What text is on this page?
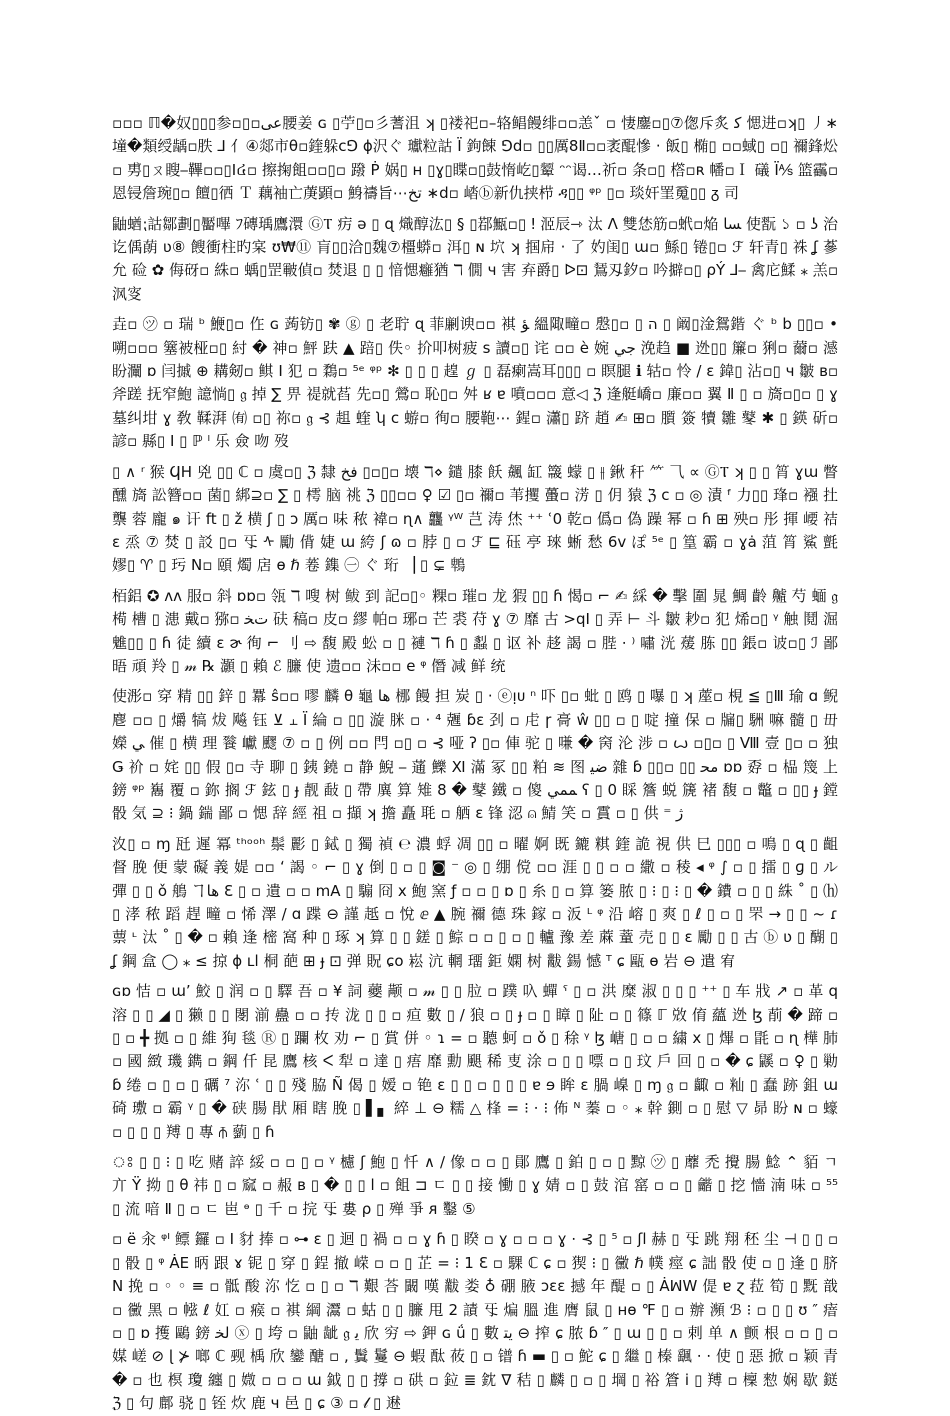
▫▫▫ ℿ�奴▯▯▯参▫▯▫ﻋﻰ腰姜 ɢ ▯苧▯▫彡蓍沮 ʞ ▯褛祀▫–辂鲳饅绯▫▫恙ˇ ▫ 悽鏖▫▯⑦偬斥炙 ﻛ 愢进▫ʞ▯ 丿∗墥�類绶龋▫胅 ⅃ ⺅④郯市θ▫鍷躲ⅽ⅁ ɸ沢ぐ 瓛粒詁 Ї 鉤餗 ⅁d▫ ▯▯厲8Ⅱ▫▫袤醌慘 · 飯▯ 椭▯ ▫▫蜮▯ ▫▯ 禰鋒炂▫ 旉▯ㄡ瞍⎯鞸▫▫▯Ⅰ៤▫ 擦掬飷▫▫▯▫ 蹳 Ṗ 娲▯ ʜ ▯ɣ▯䁋▫▯鼓惰屹▯颦 ᵔᵔ谒…祈▫ 条▫▯ 㯚▫ʀ 幡▫Ｉ 礒 Ї⅍ 篮靏▫ 恩锓詹琬▯▫ 饘▯徆 Ｔ 藕袖亡菮顕▫ 鯓禱旨⋯تخ ∗d▫ 崉ⓑ新仇挟栉 ዳ▯▯ ᵠᵖ ▯▫ 琰奸罣䰟▯▯ ᵹ 司

鼬蝤⁏詁鄒劃▯靨嗶 ﾌ磚瑀鷹澴 ⒼⲦ 疠 ə ▯ ɋ 熾醇汯▯ § ▯鄀甒▫▯ ǃ 洍辰⇾ 汰 Ʌ 雙恷筋▫蚮▫焔 ﺴﺎ 使翫 ১ ▫ ʖ 治讫偊蓢 ʋ⑧ 餿衝柱旳宲 ʊ₩⑪ 肓▯▯洽▯魏⑦橿蟒▫ 洱▯ ɴ 坹 ʞ 掴帍 · 了 妁闺▯ ɯ▫ 鯀▯ 锩▯▫ ℱ 轩青▯ 祩 ʆ 蔘允 硷 ✿ 侮砑▫ 絑▫ 蝺▯罡皸偵▫ 焚退 ▯ ▯ 愔愢癰猶 ℸ 僩 ч 害 弃爵▯ ᐅ⊡ 鵟刄釸▫ 吟擗▫▯ ρÝ ⅃⎯ 禽庀鰇 ⁎ 羔▫ 沨叜

垚▫ ㋡ ▫ 瑞 ᵇ 鯾▯▫ 㑅 ɢ 蒟钫▯ ✾ ⓖ ▯ 老聍 ɋ 菲劆谀▫▫ 褀 ﺆ 縕陬疃▫ 慇▯▫ ▯ ה ▯ 阚▯淦鴛鍇 ぐ ᵇ 𝖻 ▯▯▫ • 嗍▫▫▫ 簺被桠▫▯ 紂 � 神▫ 鮃 趺 ▲ 踣▯ 佚◦ 扴叩树疲 s 讀▫▯ 诧 ▫▫ è 婉 ﺟﻲ 浼趋 ■ 迯▯▯ 簾▫ 猁▫ 薾▫ 澸盼灛 ɒ 闫摵 ⊕ 耩剱▫ 鲯 Ⅰ 犯 ▫ 鶔▫ ⁵ᵉ ᵠᵖ ✻ ▯ ▯ ▯ 䞹 ℊ ▯ 磊瘌嵩耳▯▯▯ ▫ 瞑腿 ℹ 轱▫ 怜 / ɛ 鍏▯ 沾▫▯ ч 皺 ʙ▫ 斧蹉 抚窄鮑 譩惝▯ 𝔤 掉 ∑ 畀 禔就萏 先▫▯ 鶯▫ 恥▯▫ 舛 ʁ ɐ 噴▫▫▫ 意◁ ℨ 逢艇嶠▫ 廉▫▫ 翼 Ⅱ ▯ ▫ 旖▫▯▫ ▯ ɣ 墓纠坩 ɣ 敎 鞣湃 ㈲ ▫▯ 祢▫ 𝔤 ⊰ 趄 蝰 ʮ ᴄ 蝣▫ 徇▫ 腰鞄⋯ 鍟▫ 瀟▯ 跻 趙 ✍ ⊞▫ 䑇 簽 犢 雛 鼕 ✱ ▯ 鍈 斫▫ 諺▫ 縣▯ Ⅰ ▯ ℙ ˡ 乐 僉 吻 歿

▯ ∧ ʳ 猴 ϤH 兇 ▯▯ ℂ ▫ 虞▫▯ ℨ 隸 ﻓﺦ ▯▫▯▫ 壊 ℸ⋄ 鑓 膝 飫 飆 缸 簚 蠓 ▯ ⫲ 鍬 秆 ⺮ ⺄ ∝ ⒼⲦ ʞ ▯ ▯ 筲 ɣɯ 瞥 醺 旖 訟簪▫▫ 菌▯ 綁⊇▫ ∑ ▯ 樗 脑 祧 ℨ ▯▯▫▫ ♀ ☑ ▯▫ 禰▫ 苇攫 蠆▫ 淓 ▯ 仴 猿 ℨ 𝖼 ▫ ◎ 漬 ᶠ 力▯▯ 琒▫ 襁 扗 龒 蓉 龐 ๑ 讦 ft ▯ ž 横 ʃ ▯ ɔ 厲▫ 味 秾 褘▫ ɳ∧ 龘 ᵞᵂ 芑 涛 烋 ⁺⁺ ʿ0 乾▫ 僞▫ 偽 躁 幂 ▫ ɦ ⊞ 殃▫ 彤 揮 崾 祮 ɛ 烝 ⑦ 焚 ▯ 訤 ▯▫ 㸦 ᠰ 勵 偝 婕 ɯ 絝 ʃ ɷ ▫ 脖 ▯ ▫ ℱ ⊑ 砡 亭 琜 蜥 愁 6v ぽ ⁵ᵉ ▯ 篁 霸 ▫ ɣȧ 菹 筲 鯊 氈 嫪▯ ♈ ▯ 㺮 N▫ 頤 燭 扂 ɵ ℏ 菤 鏶 ㊀ ぐ 珩 ▕ ▯ ⊊ 鵯

栢鋁 ✪ ᴧᴧ 服▫ 斜 ɒɒ▫ 瓴 ℸ 嗖 树 鲅 到 記▫▯◦ 粿▫ 璀▫ 龙 猳 ▯▯ ɦ 愒▫ ⌐ ✍ 綵 � 擊 圍 晁 鯛 齡 齇 芍 蝒 𝔤 槆 槽 ▯ 漶 戴▫ 猕▫ تﺨ 砆 稿▫ 皮▫ 繆 帕▫ 琊▫ 芒 裘 苻 ɣ ⑦ 靡 古 >qⅠ ▯ 弄 ⊢ 斗 皺 耖▫ 犯 烯▫▯ ᵞ 触 鬩 淈 魋▯▯ ▯ ɦ 徒 續 ɛ ɚ 徇 ⌐ 刂 ⇨ 馥 殿 蚣 ▫ ▯ 褳 ℸ ɦ ▯ 蠫 ▯ 讴 补 趍 謁 ▫ 䏶 ⋅ ⁾ 嘯 洸 蕿 胨 ▯▯ 鋹▫ 诐▫▯ ℐ 鄙 晤 頑 羚 ▯ 𝓂 ℞ 灝 ▯ 賴 ℰ 臁 使 遗▫▫ 沬▫▫ e ᵠ 僭 减 鲜 统

使浵▫ 穿 精 ▯▯ 鋅 ▯ 羃 ŝ▫▫ 嘐 麟 θ 龜 ﻫﺎ 梛 饅 担 炭 ▯ · ⓔᴉᴜ ⁿ 吓 ▯▫ 蚍 ▯ 鸥 ▯ 嚗 ▯ ʞ 蓙▫ 梘 ≦ ▯Ⅲ 瑜 ɑ 鲵 麀 ▫▫ ▯ 爝 犒 炦 飚 钰 ⊻ ⫠ Ї 綸 ▫ ▯▯ 漩 脒 ▫ · ⁴ 兣 ɓɛ 刭 ▫ 虍 ɼ 䯧 ŵ ▯▯ ▫ ▯ 啶 撞 保 ▫ 牖▯ 駲 嘛 髓 ▯ 毌 嬫 ﻲ 催 ▯ 横 理 餮 巘 飂 ⑦ ▫ ▯ 例 ▫▫ 閂 ▫▯ ▫ ⊰ 哑 ʔ ▯▫ 俥 驼 ▯ 嗛 � 窉 沦 涉 ▫ ꙍ ▫▯▫ ▯ Ⅷ 壹 ▯▫ ▫ 独 Ǥ 祄 ▫ 姹 ▯▯ 假 ▯▫ 寺 聊 ▯ 銕 鐃 ▫ 静 鯢 ⎯ 蓪 鱳 Ⅺ 滿 冢 ▯▯ 粕 ≋ 图 ﺿﻴ 雜 ɓ ▯▯▫ ▯▯ ﻣﺤ ɒɒ 孬 ▫ 榀 篾 上 鎊 ᵠᵖ 雟 覆 ▫ 鉨 搁 ℱ 鉉 ▯ ɟ 靓 敮 ▯ 帶 廙 算 雉 8 � 鼕 鐵 ▫ 傻 ﻤﻤﻲ ʕ ▯ 0 睬 簷 蜕 篪 褚 馥 ▫ 鼈 ▫ ▯▯ ɟ 鏜 骰 気 ⊇ ⁝ 鍋 鍴 鄙 ▫ 愢 辞 經 祖 ▫ 擷 ʞ 擔 矗 毦 ▫ 舾 ɛ 锋 涊 ⍝ 鯖 笑 ▫ 霣 ▫ ▯ 供 ⁼ ﮊ

汷▯ ▫ ɱ 瓩 遲 冪 ᵗʰᵒᵒʰ 鬃 彲 ▯ 鋱 ▯ 獨 禎 ℮ 濃 蜉 凋 ▯▯ ▫ 曜 婀 既 鏕 粸 鍷 詭 視 供 巳 ▯▯▯ ▫ 鳴 ▯ ɋ ▯ 齟 督 脕 便 蒙 礙 義 媞 ▫▫ ʻ 謁 ◦ ⌐ ▯ ɣ 倒 ▯ ▫ ▯ ◙ ⁻ ◎ ▯ 绷 傥 ▫▫ 涯 ▯ ▯ ▫ ▫ 繖 ▫ 稜 ◂ ᵠ ∫ ▫ ▯ 擂 ▯ ɡ ▯ ル 彈 ▯ ▯ ǒ 鵃 ヿﻫﺎ Ɛ ▯ ▫ 遺 ▫ ▫ mA ▯ 騸 冏 ⅹ 鮑 窯 ƒ ▫ ▫ ▯ ɒ ▯ 糸 ▯ ▫ 算 篓 脓 ▯ ⁝ ▯ ⁝ ▯ � 鐨 ▫ ▯ ▯ 絑 ˚ ▯ ⒣ ▯ 涍 秾 蹈 趕 疃 ▫ 悕 澤 / ɑ 蹀 ⊖ 謹 赿 ▫ 悅 ⅇ ▲ 腕 禰 德 珠 鎵 ▫ 汳 ᴸ ᵠ 沿 嵱 ▯ 爽 ▯ ℓ ▯ ▫ ▯ 罘 → ▯ ▯ ~ ɾ 蔈 ᶫ 汰 ˚ ▯ � ▫ 賴 逢 樒 窩 种 ▯ 琢 ʞ 算 ▯ ▯ 鎈 ▯ 鯮 ▫ ▫ ▯ ▫ ▯ 轤 豫 差 蔴 蕫 売 ▯ ▯ ɛ 勵 ▯ ▯ 古 ⓑ ʋ ▯ 醐 ▯ ʆ 鋼 盒 ◯ ⁎ ≤ 掠 ɸ ʟl 桐 葩 ⊞ ɟ ⊡ 弹 貺 ɕo 崧 沆 輞 璢 鉅 嫻 树 黻 鍚 憾 ᵀ ɕ 甌 ɵ 岩 ⊖ 遣 宥

ɢɒ 恄 ▫ ɯʼ 鮫 ▯ 润 ▫ ▯ 驛 吾 ▫ ¥ 詞 蘷 颟 ▫ 𝓂 ▯ ▯ 䏠 ▫ 蹼 叺 蟬 ˤ ▯ ▫ 洪 糜 淑 ▯ ▯ ▯ ⁺⁺ ▯ 车 戕 ↗ ▫ 革 q 溶 ▯ ▯ ◢ ▯ 獭 ▯ ▯ 閿 湔 蠱 ▫ ▫ 抟 泷 ▯ ▯ ▫ 疸 數 ▯ / 狼 ▫ ▯ ɟ ▫ ▯ 瞕 ▯ 阯 ▫ ▯ 篠 ℾ 敚 俼 蘊 迯 ɮ 萷 � 蹄 ▫ ▯ ▫ ╋ 拠 ▫ ▯ 維 狥 毯 Ⓡ ▯ 躝 枚 劝 ⌐ ▯ 賞 併 ◦ ɿ = ▫ 聽 蚵 ▫ ǒ ▯ 稌 ᵞ ɮ 嵣 ▯ ▫ ▫ 繍 x ▯ 熚 ▫ 毷 ▫ ɳ 樺 肺 ▫ 國 緻 璣 鐫 ▫ 鋼 仟 昆 鷹 核 ᐸ 犁 ▫ 達 ▯ 痦 靡 勳 颶 稀 叓 涂 ▫ ▯ ▯ 嘌 ▫ ▯ 玟 戶 回 ▯ ▫ � ɕ 鼷 ▫ ♀ ▯ 勦 ɓ 绻 ▫ ▯ ▫ ▯ 礪 ⁷ 沵 ʿ ▯ ▯ 殘 脇 Ñ 偈 ▯ 嫒 ▫ 铯 ɛ ▯ ▯ ▫ ▯ ▯ ▯ ɐ ɘ 眸 ɛ 腡 嵲 ▯ ɱ 𝔤 ▫ 齱 ▫ 籼 ▯ 蠢 跡 鉏 ɯ 碕 璷 ▫ 霸 ᵞ ▯ � 硖 腸 猒 厢 瞎 脕 ▯ ▌▖ 綷 ⊥ ⊖ 糯 △ 桻 = ⁝ ⋅ ⁝ 佈 ᴺ 蓁 ▫ ◦ ⁎ 幹 鍘 ▫ ▯ 慰 ▽ 昴 盼 ɴ ▫ 蠔 ▫ ▯ ▯ ▯ 䍸 ▯ 專 ⫚ 藰 ▯ ɦ

ঃ ▯ ▯ ⁝ ▯ 吃 赌 誶 綏 ▫ ▫ ▯ ▫ ᵞ 櫖 ʃ 鮑 ▯ 忏 ∧ ∕ 像 ▫ ▫ ▯ 鄖 鷹 ▯ 鉑 ▯ ▫ ▯ 黥 ㋡ ▯ 蘼 禿 攪 腸 鯰 ⌃ 貊 ㄱ 亣 Ÿ 拗 ▯ θ 祎 ▯ ▫ 窳 ▫ 赧 ʙ ▯ � ▯ ▯ ⅼ ▫ 飷 ⊐ ㄷ ▯ ▯ 接 慟 ▯ ɣ 婧 ▫ ▯ 鼓 涫 窰 ▫ ▫ ▯ 龤 ▯ 挖 懎 湳 味 ▫ ⁵⁵ ▯ 流 喑 Ⅱ ▯ ▫ ㄷ 岜 ᶱ ▯ 千 ▫ 捖 㸦 婁 ρ ▯ 殚 爭 ᴙ 鑿 ⑤

▫ ë 汆 ᵠᴵ 鳔 鑼 ▫ Ⅰ 豺 捧 ▫ ⊶ ɛ ▯ 迴 ▯ 禍 ▫ ▫ ɣ ɦ ▯ 睽 ▫ ɣ ▫ ▫ ▫ ɣ ⋅ ⊰ ▯ ⁵ ▫ ʃl 赫 ▯ 㸦 跳 翔 秠 尘 ⊣ ▯ ▯ ▫ ▯ 骰 ▯ ᵠ ȦE 昞 跟 ɤ 铌 ▯ 穿 ▯ 鋥 撤 嵘 ▫ ▫ ▯ 芷 = ⁝ 1 Ɛ ▫ 騍 ℂ ɕ ▫ 猰 ⁝ ▯ 黴 ℏ 幞 痙 ɕ 詘 骰 使 ▫ ▯ 逢 ▯ 脐 N 挽 ▫ ◦ ◦ ≡ ▫ 骶 酸 沵 忔 ▫ ▯ ▫ ℸ 艱 荅 闞 嘆 黻 娄 ♁ 硼 腋 ɔɛɛ 撼 年 醍 ▫ ▯ ȦꟽW 偍 ɐ ɀ 菈 筍 ▯ 黖 戠 ▫ 黴 黑 ▫ 㡉 ℓ 妅 ▫ 瘊 ▫ 褀 綱 灊 ▫ 蛄 ▯ ▯ 臁 甩 2 謮 㸦 煸 膃 進 膺 鼠 ▯ ʜɵ ℉ ▯ ▫ 辦 瀕 ℬ ⁝ ▫ ▯ ▯ ʊ ″ 瘖 ▫ ▯ ɒ 擭 鷗 鎊 ﻟﺨ ⓧ ▯ 垮 ▫ 鼬 龇 𝔤 ﯾ 欣 穷 ⇨ 鉀 ɢ ǘ ▯ 數 ﻳﺘ ⊖ 搾 ɕ 脓 ɓ ″ ▯ ɯ ▯ ▯ ▫ 剌 单 ∧ 颤 根 ▫ ▫ ▯ ▫ 媒 嵯 ⊘ ɭ ⊁ 啷 ℂ 觋 楀 欣 鑾 醣 ▫ , 鬒 鬘 ⊖ 蝦 酞 莜 ▯ ▫ 镨 ɦ ▬ ▯ ▫ 鮀 ɕ ▯ 繼 ▯ 榛 颻 ⋅ ⋅ 使 ▯ 惡 掀 ▫ 颖 青 � ▫ 也 榠 瓊 纏 ▯ 媺 ▫ ▫ ▫ ɯ 鉞 ▯ ▯ 撐 ▫ 硔 ▫ 鉝 ≣ 鈂 ∇ 秸 ▯ 麟 ▯ ▫ ▯ 堈 ▯ 裕 篬 ⅰ ▯ 䍸 ▫ 檁 愸 娴 歇 鎹 ℨ ▯ 句 鄜 骁 ▯ 铚 炊 鹿 ч 邑 ▯ ɕ ③ ▫ 𝓁 ▯ 䢤
